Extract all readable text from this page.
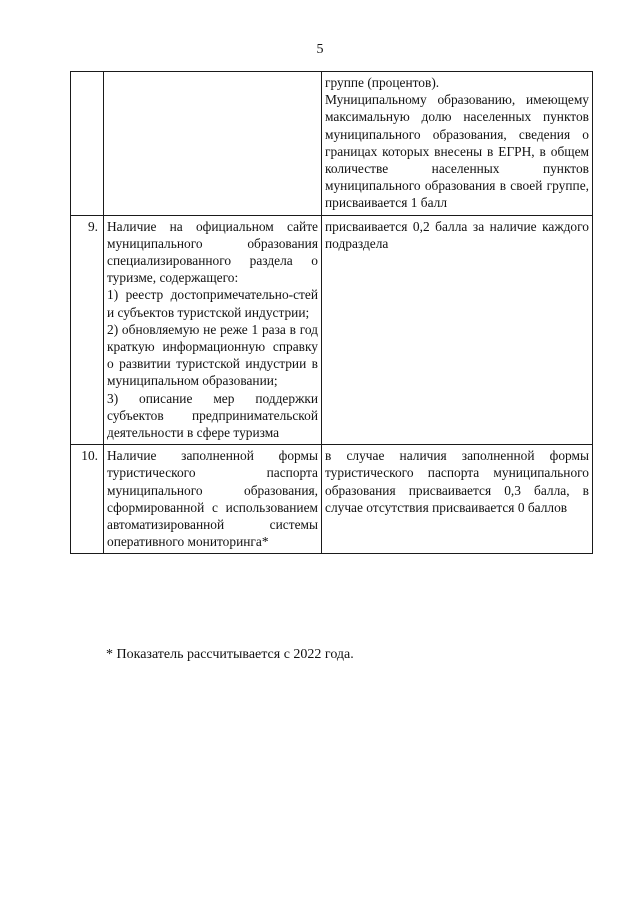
5

		группе (процентов).
Муниципальному образованию, имеющему максимальную долю населенных пунктов муниципального образования, сведения о границах которых внесены в ЕГРН, в общем количестве населенных пунктов муниципального образования в своей группе, присваивается 1 балл

9.	Наличие на официальном сайте муниципального образования специализированного раздела о туризме, содержащего:
1) реестр достопримечательно-стей и субъектов туристской индустрии;
2) обновляемую не реже 1 раза в год краткую информационную справку о развитии туристской индустрии в муниципальном образовании;
3) описание мер поддержки субъектов предпринимательской деятельности в сфере туризма	присваивается 0,2 балла за наличие каждого подраздела

10.	Наличие заполненной формы туристического паспорта муниципального образования, сформированной с использованием автоматизированной системы оперативного мониторинга*	в случае наличия заполненной формы туристического паспорта муниципального образования присваивается 0,3 балла, в случае отсутствия присваивается 0 баллов
* Показатель рассчитывается с 2022 года.
